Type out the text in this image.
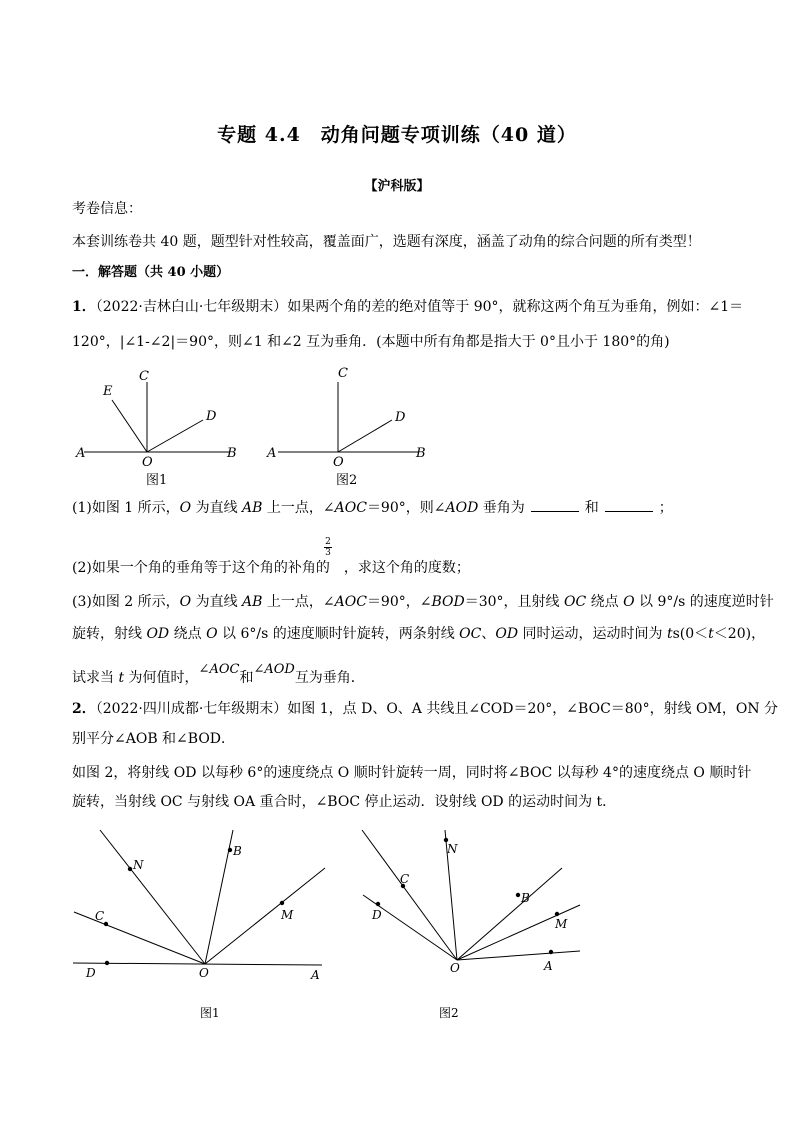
专题 4.4　动角问题专项训练（40 道）
【沪科版】
考卷信息：
本套训练卷共 40 题，题型针对性较高，覆盖面广，选题有深度，涵盖了动角的综合问题的所有类型！
一．解答题（共 40 小题）
1．（2022·吉林白山·七年级期末）如果两个角的差的绝对值等于 90°，就称这两个角互为垂角，例如：∠1＝
120°，|∠1-∠2|＝90°，则∠1 和∠2 互为垂角．(本题中所有角都是指大于 0°且小于 180°的角)
A	B
C
E
D
O
图1
A	B
C
D
O
图2
(1)如图 1 所示，O 为直线 AB 上一点，∠AOC＝90°，则∠AOD 垂角为	和	；
(2)如果一个角的垂角等于这个角的补角的 ，求这个角的度数；
2
3
(3)如图 2 所示，O 为直线 AB 上一点，∠AOC＝90°，∠BOD＝30°，且射线 OC 绕点 O 以 9°/s 的速度逆时针
旋转，射线 OD 绕点 O 以 6°/s 的速度顺时针旋转，两条射线 OC、OD 同时运动，运动时间为 ts(0＜t＜20)，
试求当 t 为何值时，∠AOC和∠AOD互为垂角．
2．（2022·四川成都·七年级期末）如图 1，点 D、O、A 共线且∠COD＝20°，∠BOC＝80°，射线 OM，ON 分
别平分∠AOB 和∠BOD．
如图 2，将射线 OD 以每秒 6°的速度绕点 O 顺时针旋转一周，同时将∠BOC 以每秒 4°的速度绕点 O 顺时针
旋转，当射线 OC 与射线 OA 重合时，∠BOC 停止运动．设射线 OD 的运动时间为 t．
N
B
M
C
D	O	A
图1
C
N
B
M
A
D
O
图2
